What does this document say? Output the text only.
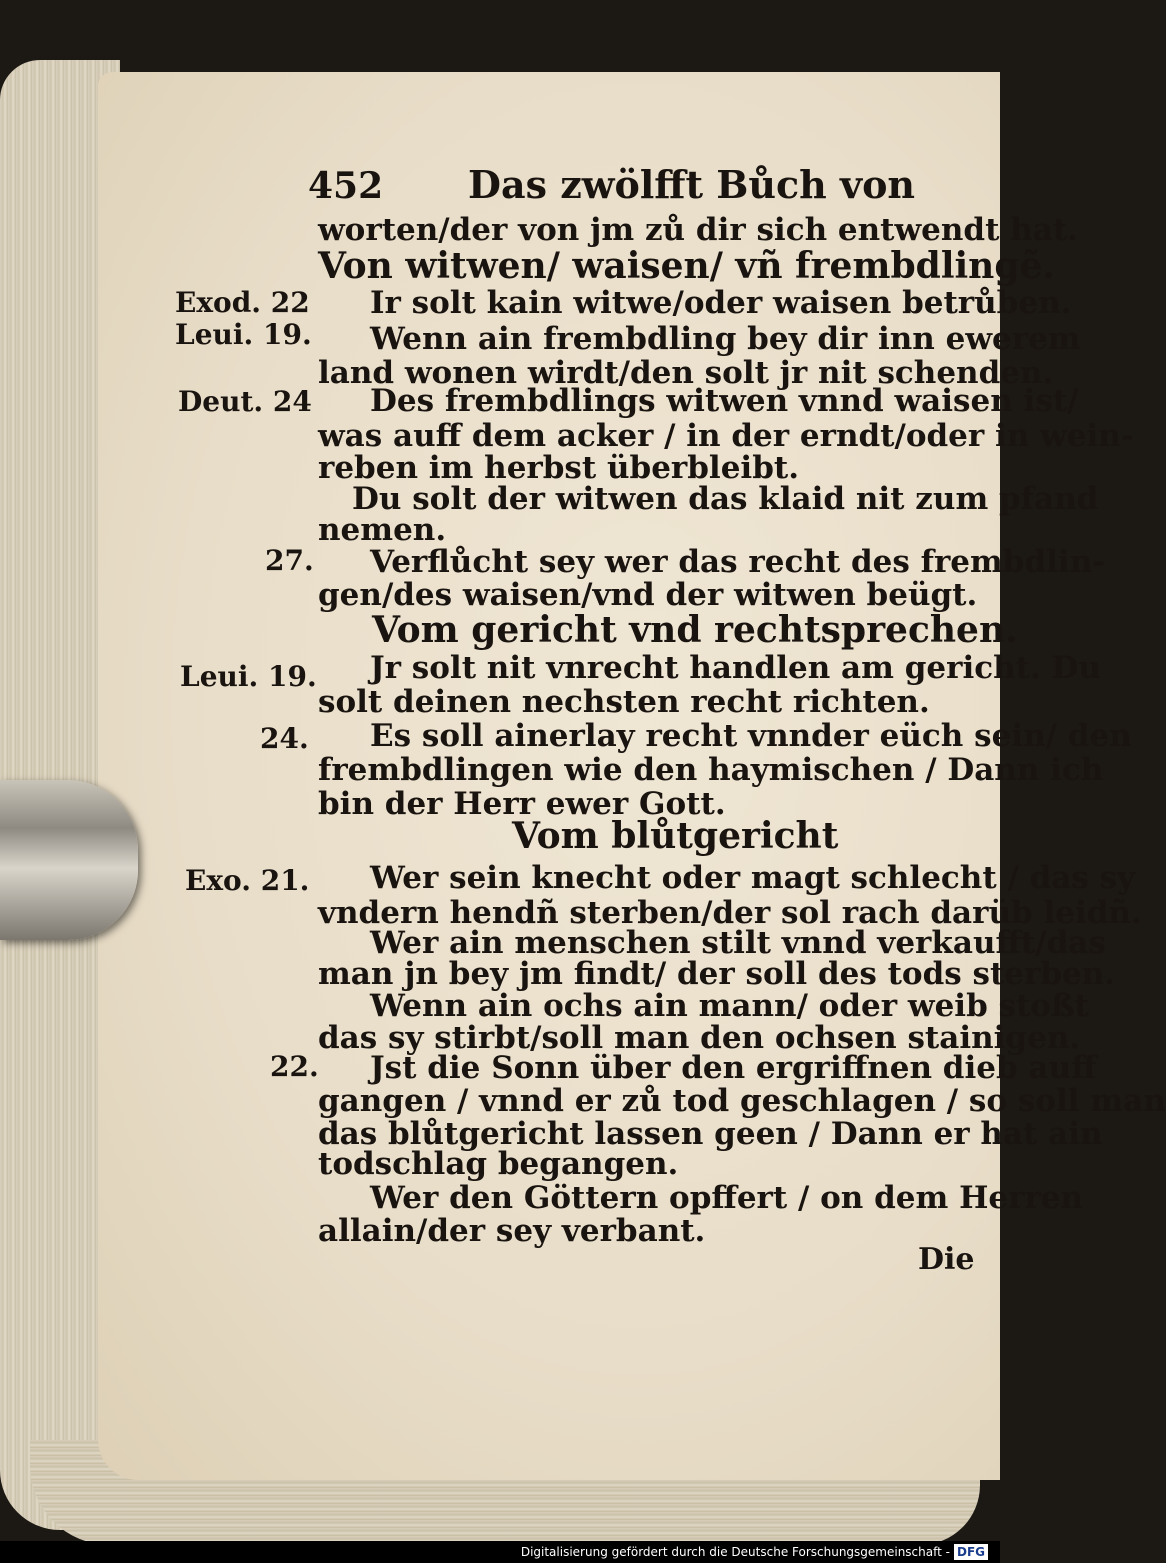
452 Das zwölfft Bůch von
worten/der von jm zů dir sich entwendt hat.
Von witwen/ waisen/ vñ frembdlingẽ.
Ir solt kain witwe/oder waisen betrůben.
Wenn ain frembdling bey dir inn ewerem
land wonen wirdt/den solt jr nit schenden.
Des frembdlings witwen vnnd waisen ist/
was auff dem acker / in der erndt/oder in wein-
reben im herbst überbleibt.
Du solt der witwen das klaid nit zum pfand
nemen.
Verflůcht sey wer das recht des frembdlin-
gen/des waisen/vnd der witwen beügt.
Vom gericht vnd rechtsprechen.
Jr solt nit vnrecht handlen am gericht. Du
solt deinen nechsten recht richten.
Es soll ainerlay recht vnnder eüch sein/ den
frembdlingen wie den haymischen / Dann ich
bin der Herr ewer Gott.
Vom blůtgericht
Wer sein knecht oder magt schlecht / das sy
vndern hendñ sterben/der sol rach darüb leidñ.
Wer ain menschen stilt vnnd verkaufft/das
man jn bey jm findt/ der soll des tods sterben.
Wenn ain ochs ain mann/ oder weib stoßt
das sy stirbt/soll man den ochsen stainigen.
Jst die Sonn über den ergriffnen dieb auff
gangen / vnnd er zů tod geschlagen / so soll man
das blůtgericht lassen geen / Dann er hat ain
todschlag begangen.
Wer den Göttern opffert / on dem Herren
allain/der sey verbant.
Exod. 22
Leui. 19.
Deut. 24
27.
Leui. 19.
24.
Exo. 21.
22.
Die
Digitalisierung gefördert durch die Deutsche Forschungsgemeinschaft - DFG
